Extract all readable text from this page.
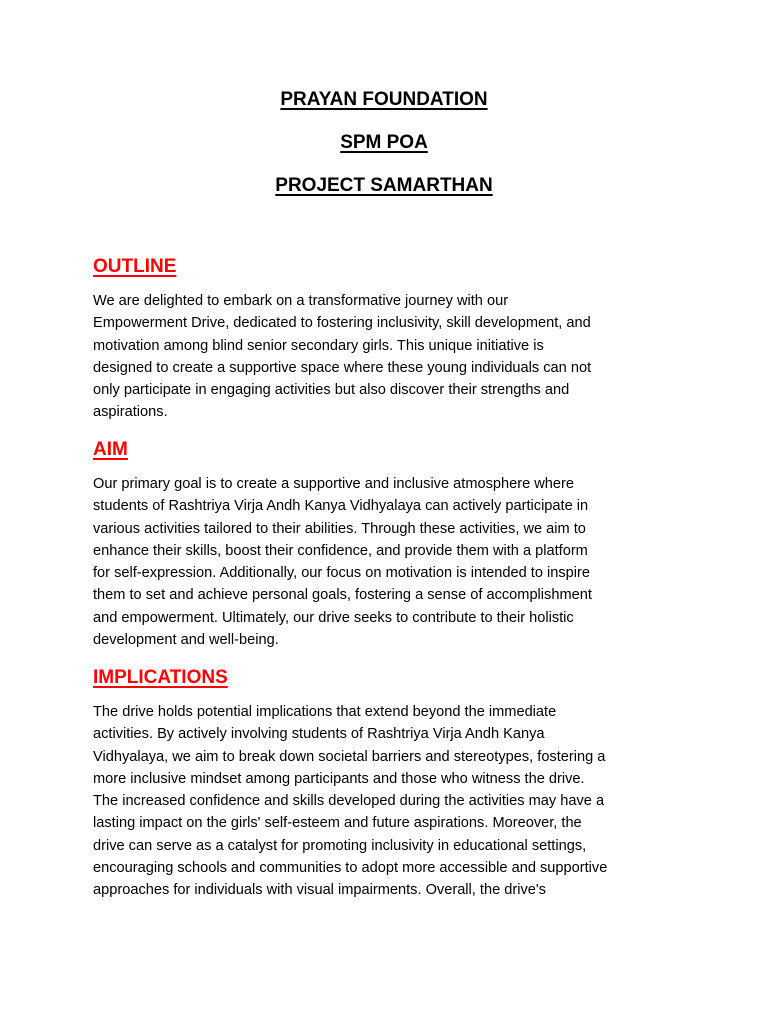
PRAYAN FOUNDATION

SPM POA

PROJECT SAMARTHAN

OUTLINE

We are delighted to embark on a transformative journey with our
Empowerment Drive, dedicated to fostering inclusivity, skill development, and
motivation among blind senior secondary girls. This unique initiative is
designed to create a supportive space where these young individuals can not
only participate in engaging activities but also discover their strengths and
aspirations.

AIM

Our primary goal is to create a supportive and inclusive atmosphere where
students of Rashtriya Virja Andh Kanya Vidhyalaya can actively participate in
various activities tailored to their abilities. Through these activities, we aim to
enhance their skills, boost their confidence, and provide them with a platform
for self-expression. Additionally, our focus on motivation is intended to inspire
them to set and achieve personal goals, fostering a sense of accomplishment
and empowerment. Ultimately, our drive seeks to contribute to their holistic
development and well-being.

IMPLICATIONS

The drive holds potential implications that extend beyond the immediate
activities. By actively involving students of Rashtriya Virja Andh Kanya
Vidhyalaya, we aim to break down societal barriers and stereotypes, fostering a
more inclusive mindset among participants and those who witness the drive.
The increased confidence and skills developed during the activities may have a
lasting impact on the girls' self-esteem and future aspirations. Moreover, the
drive can serve as a catalyst for promoting inclusivity in educational settings,
encouraging schools and communities to adopt more accessible and supportive
approaches for individuals with visual impairments. Overall, the drive's
